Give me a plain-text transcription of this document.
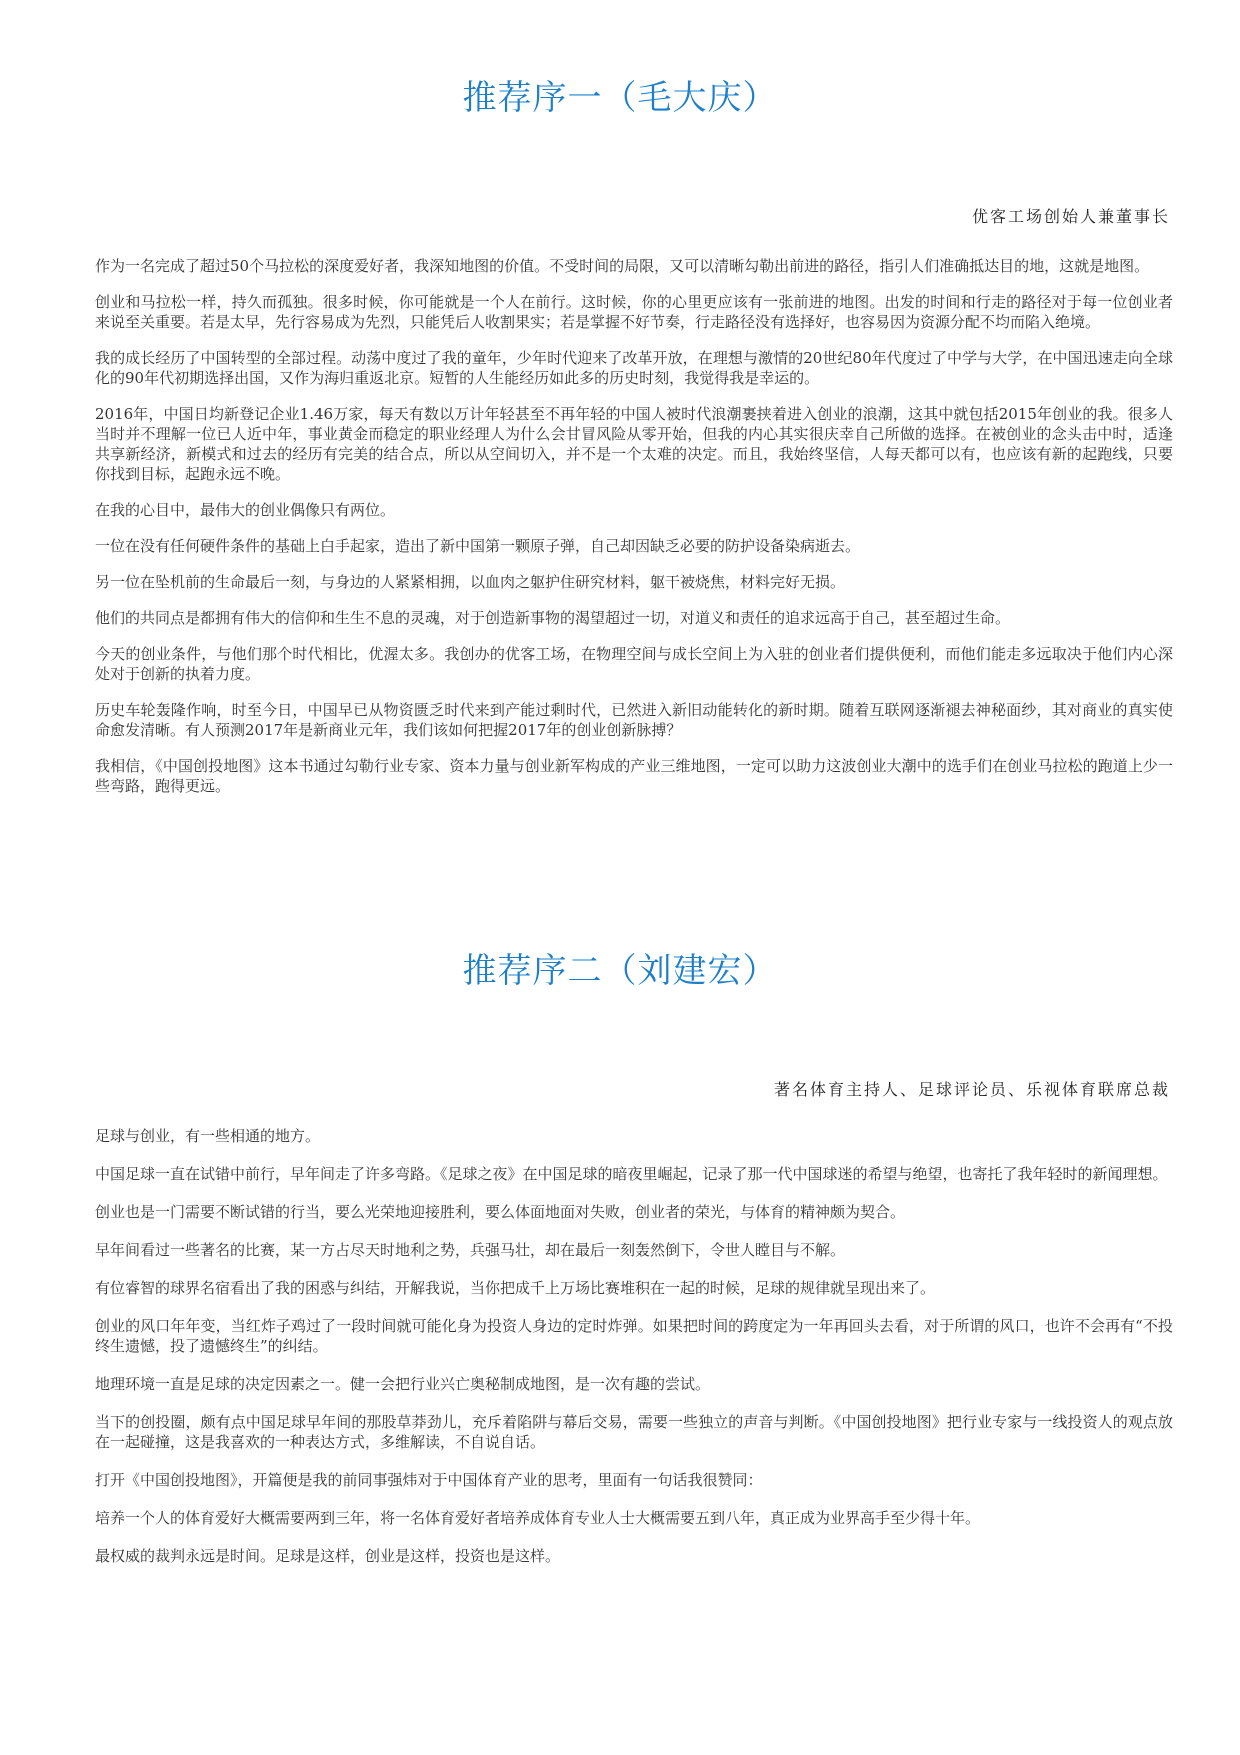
推荐序一（毛大庆）
优客工场创始人兼董事长

作为一名完成了超过50个马拉松的深度爱好者，我深知地图的价值。不受时间的局限，又可以清晰勾勒出前进的路径，指引人们准确抵达目的地，这就是地图。

创业和马拉松一样，持久而孤独。很多时候，你可能就是一个人在前行。这时候，你的心里更应该有一张前进的地图。出发的时间和行走的路径对于每一位创业者来说至关重要。若是太早，先行容易成为先烈，只能凭后人收割果实；若是掌握不好节奏，行走路径没有选择好，也容易因为资源分配不均而陷入绝境。

我的成长经历了中国转型的全部过程。动荡中度过了我的童年，少年时代迎来了改革开放，在理想与激情的20世纪80年代度过了中学与大学，在中国迅速走向全球化的90年代初期选择出国，又作为海归重返北京。短暂的人生能经历如此多的历史时刻，我觉得我是幸运的。

2016年，中国日均新登记企业1.46万家，每天有数以万计年轻甚至不再年轻的中国人被时代浪潮裹挟着进入创业的浪潮，这其中就包括2015年创业的我。很多人当时并不理解一位已人近中年，事业黄金而稳定的职业经理人为什么会甘冒风险从零开始，但我的内心其实很庆幸自己所做的选择。在被创业的念头击中时，适逢共享新经济，新模式和过去的经历有完美的结合点，所以从空间切入，并不是一个太难的决定。而且，我始终坚信，人每天都可以有，也应该有新的起跑线，只要你找到目标，起跑永远不晚。

在我的心目中，最伟大的创业偶像只有两位。

一位在没有任何硬件条件的基础上白手起家，造出了新中国第一颗原子弹，自己却因缺乏必要的防护设备染病逝去。

另一位在坠机前的生命最后一刻，与身边的人紧紧相拥，以血肉之躯护住研究材料，躯干被烧焦，材料完好无损。

他们的共同点是都拥有伟大的信仰和生生不息的灵魂，对于创造新事物的渴望超过一切，对道义和责任的追求远高于自己，甚至超过生命。

今天的创业条件，与他们那个时代相比，优渥太多。我创办的优客工场，在物理空间与成长空间上为入驻的创业者们提供便利，而他们能走多远取决于他们内心深处对于创新的执着力度。

历史车轮轰隆作响，时至今日，中国早已从物资匮乏时代来到产能过剩时代，已然进入新旧动能转化的新时期。随着互联网逐渐褪去神秘面纱，其对商业的真实使命愈发清晰。有人预测2017年是新商业元年，我们该如何把握2017年的创业创新脉搏？

我相信，《中国创投地图》这本书通过勾勒行业专家、资本力量与创业新军构成的产业三维地图，一定可以助力这波创业大潮中的选手们在创业马拉松的跑道上少一些弯路，跑得更远。

推荐序二（刘建宏）
著名体育主持人、足球评论员、乐视体育联席总裁

足球与创业，有一些相通的地方。

中国足球一直在试错中前行，早年间走了许多弯路。《足球之夜》在中国足球的暗夜里崛起，记录了那一代中国球迷的希望与绝望，也寄托了我年轻时的新闻理想。

创业也是一门需要不断试错的行当，要么光荣地迎接胜利，要么体面地面对失败，创业者的荣光，与体育的精神颇为契合。

早年间看过一些著名的比赛，某一方占尽天时地利之势，兵强马壮，却在最后一刻轰然倒下，令世人瞠目与不解。

有位睿智的球界名宿看出了我的困惑与纠结，开解我说，当你把成千上万场比赛堆积在一起的时候，足球的规律就呈现出来了。

创业的风口年年变，当红炸子鸡过了一段时间就可能化身为投资人身边的定时炸弹。如果把时间的跨度定为一年再回头去看，对于所谓的风口，也许不会再有“不投终生遗憾，投了遗憾终生”的纠结。

地理环境一直是足球的决定因素之一。健一会把行业兴亡奥秘制成地图，是一次有趣的尝试。

当下的创投圈，颇有点中国足球早年间的那股草莽劲儿，充斥着陷阱与幕后交易，需要一些独立的声音与判断。《中国创投地图》把行业专家与一线投资人的观点放在一起碰撞，这是我喜欢的一种表达方式，多维解读，不自说自话。

打开《中国创投地图》，开篇便是我的前同事强炜对于中国体育产业的思考，里面有一句话我很赞同：

培养一个人的体育爱好大概需要两到三年，将一名体育爱好者培养成体育专业人士大概需要五到八年，真正成为业界高手至少得十年。

最权威的裁判永远是时间。足球是这样，创业是这样，投资也是这样。
